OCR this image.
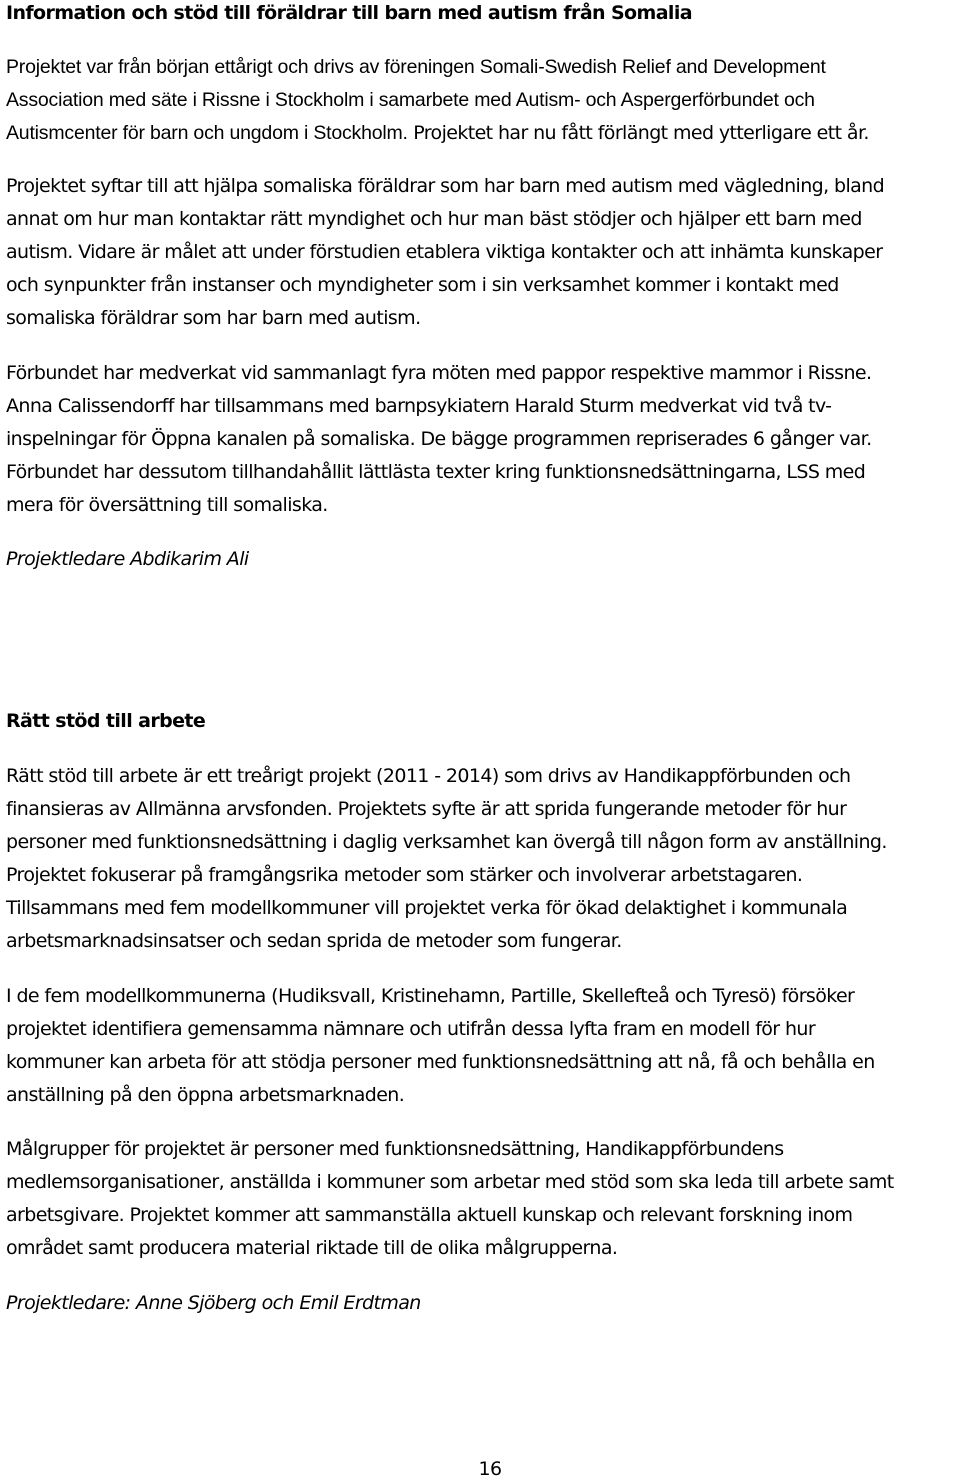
Information och stöd till föräldrar till barn med autism från Somalia
Projektet var från början ettårigt och drivs av föreningen Somali-Swedish Relief and Development
Association med säte i Rissne i Stockholm i samarbete med Autism- och Aspergerförbundet och
Autismcenter för barn och ungdom i Stockholm. Projektet har nu fått förlängt med ytterligare ett år.
Projektet syftar till att hjälpa somaliska föräldrar som har barn med autism med vägledning, bland
annat om hur man kontaktar rätt myndighet och hur man bäst stödjer och hjälper ett barn med
autism. Vidare är målet att under förstudien etablera viktiga kontakter och att inhämta kunskaper
och synpunkter från instanser och myndigheter som i sin verksamhet kommer i kontakt med
somaliska föräldrar som har barn med autism.
Förbundet har medverkat vid sammanlagt fyra möten med pappor respektive mammor i Rissne.
Anna Calissendorff har tillsammans med barnpsykiatern Harald Sturm medverkat vid två tv-
inspelningar för Öppna kanalen på somaliska. De bägge programmen repriserades 6 gånger var.
Förbundet har dessutom tillhandahållit lättlästa texter kring funktionsnedsättningarna, LSS med
mera för översättning till somaliska.
Projektledare Abdikarim Ali
Rätt stöd till arbete
Rätt stöd till arbete är ett treårigt projekt (2011 - 2014) som drivs av Handikappförbunden och
finansieras av Allmänna arvsfonden. Projektets syfte är att sprida fungerande metoder för hur
personer med funktionsnedsättning i daglig verksamhet kan övergå till någon form av anställning.
Projektet fokuserar på framgångsrika metoder som stärker och involverar arbetstagaren.
Tillsammans med fem modellkommuner vill projektet verka för ökad delaktighet i kommunala
arbetsmarknadsinsatser och sedan sprida de metoder som fungerar.
I de fem modellkommunerna (Hudiksvall, Kristinehamn, Partille, Skellefteå och Tyresö) försöker
projektet identifiera gemensamma nämnare och utifrån dessa lyfta fram en modell för hur
kommuner kan arbeta för att stödja personer med funktionsnedsättning att nå, få och behålla en
anställning på den öppna arbetsmarknaden.
Målgrupper för projektet är personer med funktionsnedsättning, Handikappförbundens
medlemsorganisationer, anställda i kommuner som arbetar med stöd som ska leda till arbete samt
arbetsgivare. Projektet kommer att sammanställa aktuell kunskap och relevant forskning inom
området samt producera material riktade till de olika målgrupperna.
Projektledare: Anne Sjöberg och Emil Erdtman
16
